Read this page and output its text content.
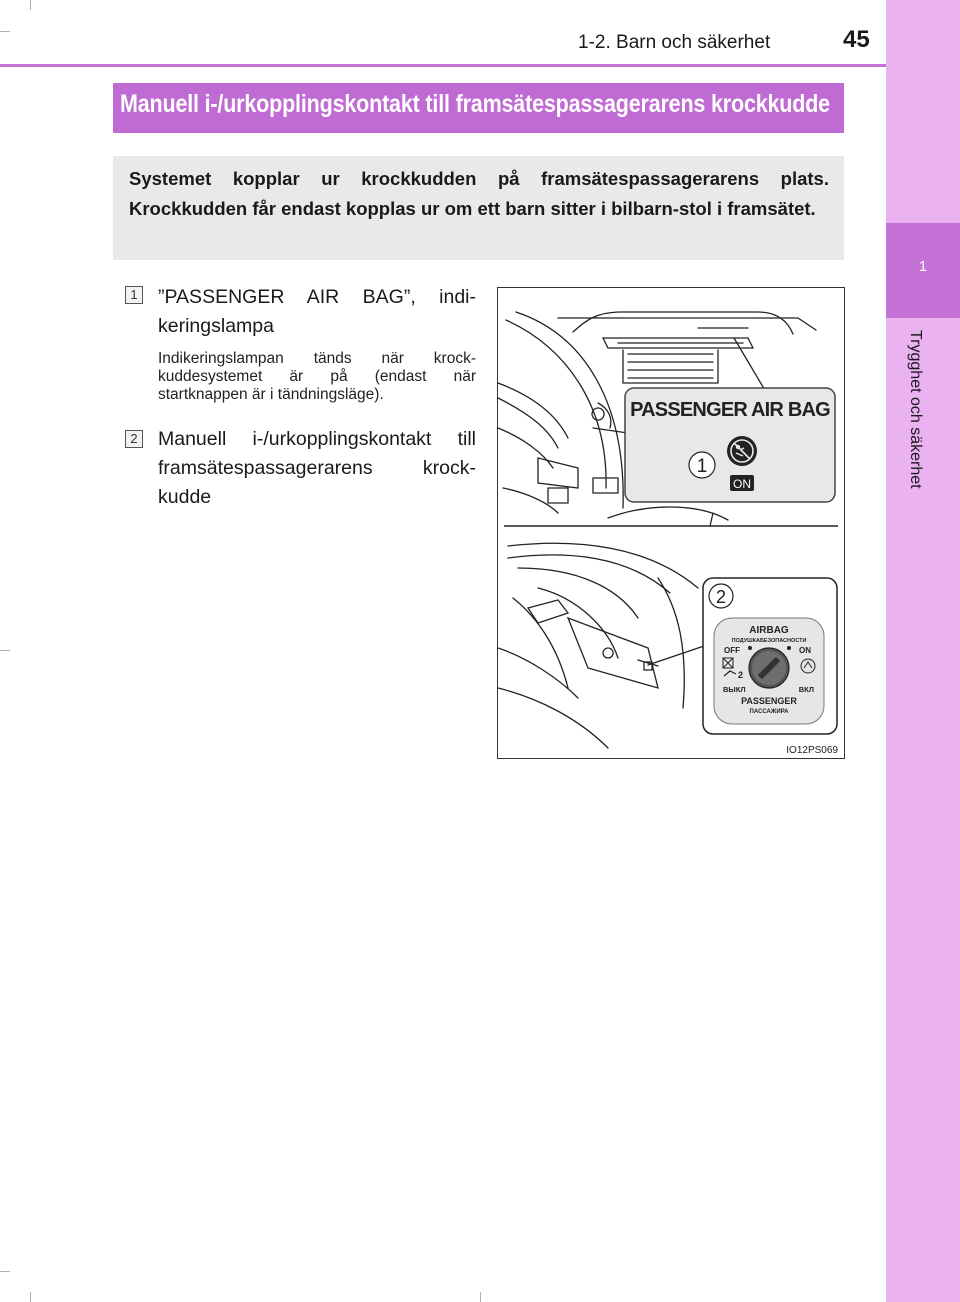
1
Trygghet och säkerhet
1-2. Barn och säkerhet	45
Manuell i-/urkopplingskontakt till framsätespassagerarens krockkudde
Systemet kopplar ur krockkudden på framsätespassagerarens plats. Krockkudden får endast kopplas ur om ett barn sitter i bilbarn-stol i framsätet.
1 ”PASSENGER AIR BAG”, indi-keringslampa
Indikeringslampan tänds när krock-kuddesystemet är på (endast när startknappen är i tändningsläge).
2 Manuell i-/urkopplingskontakt till framsätespassagerarens krock-kudde
PASSENGER AIR BAG
ON
1
2
AIRBAG
ПОДУШКАБЕЗОПАСНОСТИ
OFF	ON
2
ВЫКЛ	ВКЛ
PASSENGER
ПАССАЖИРА
IO12PS069
